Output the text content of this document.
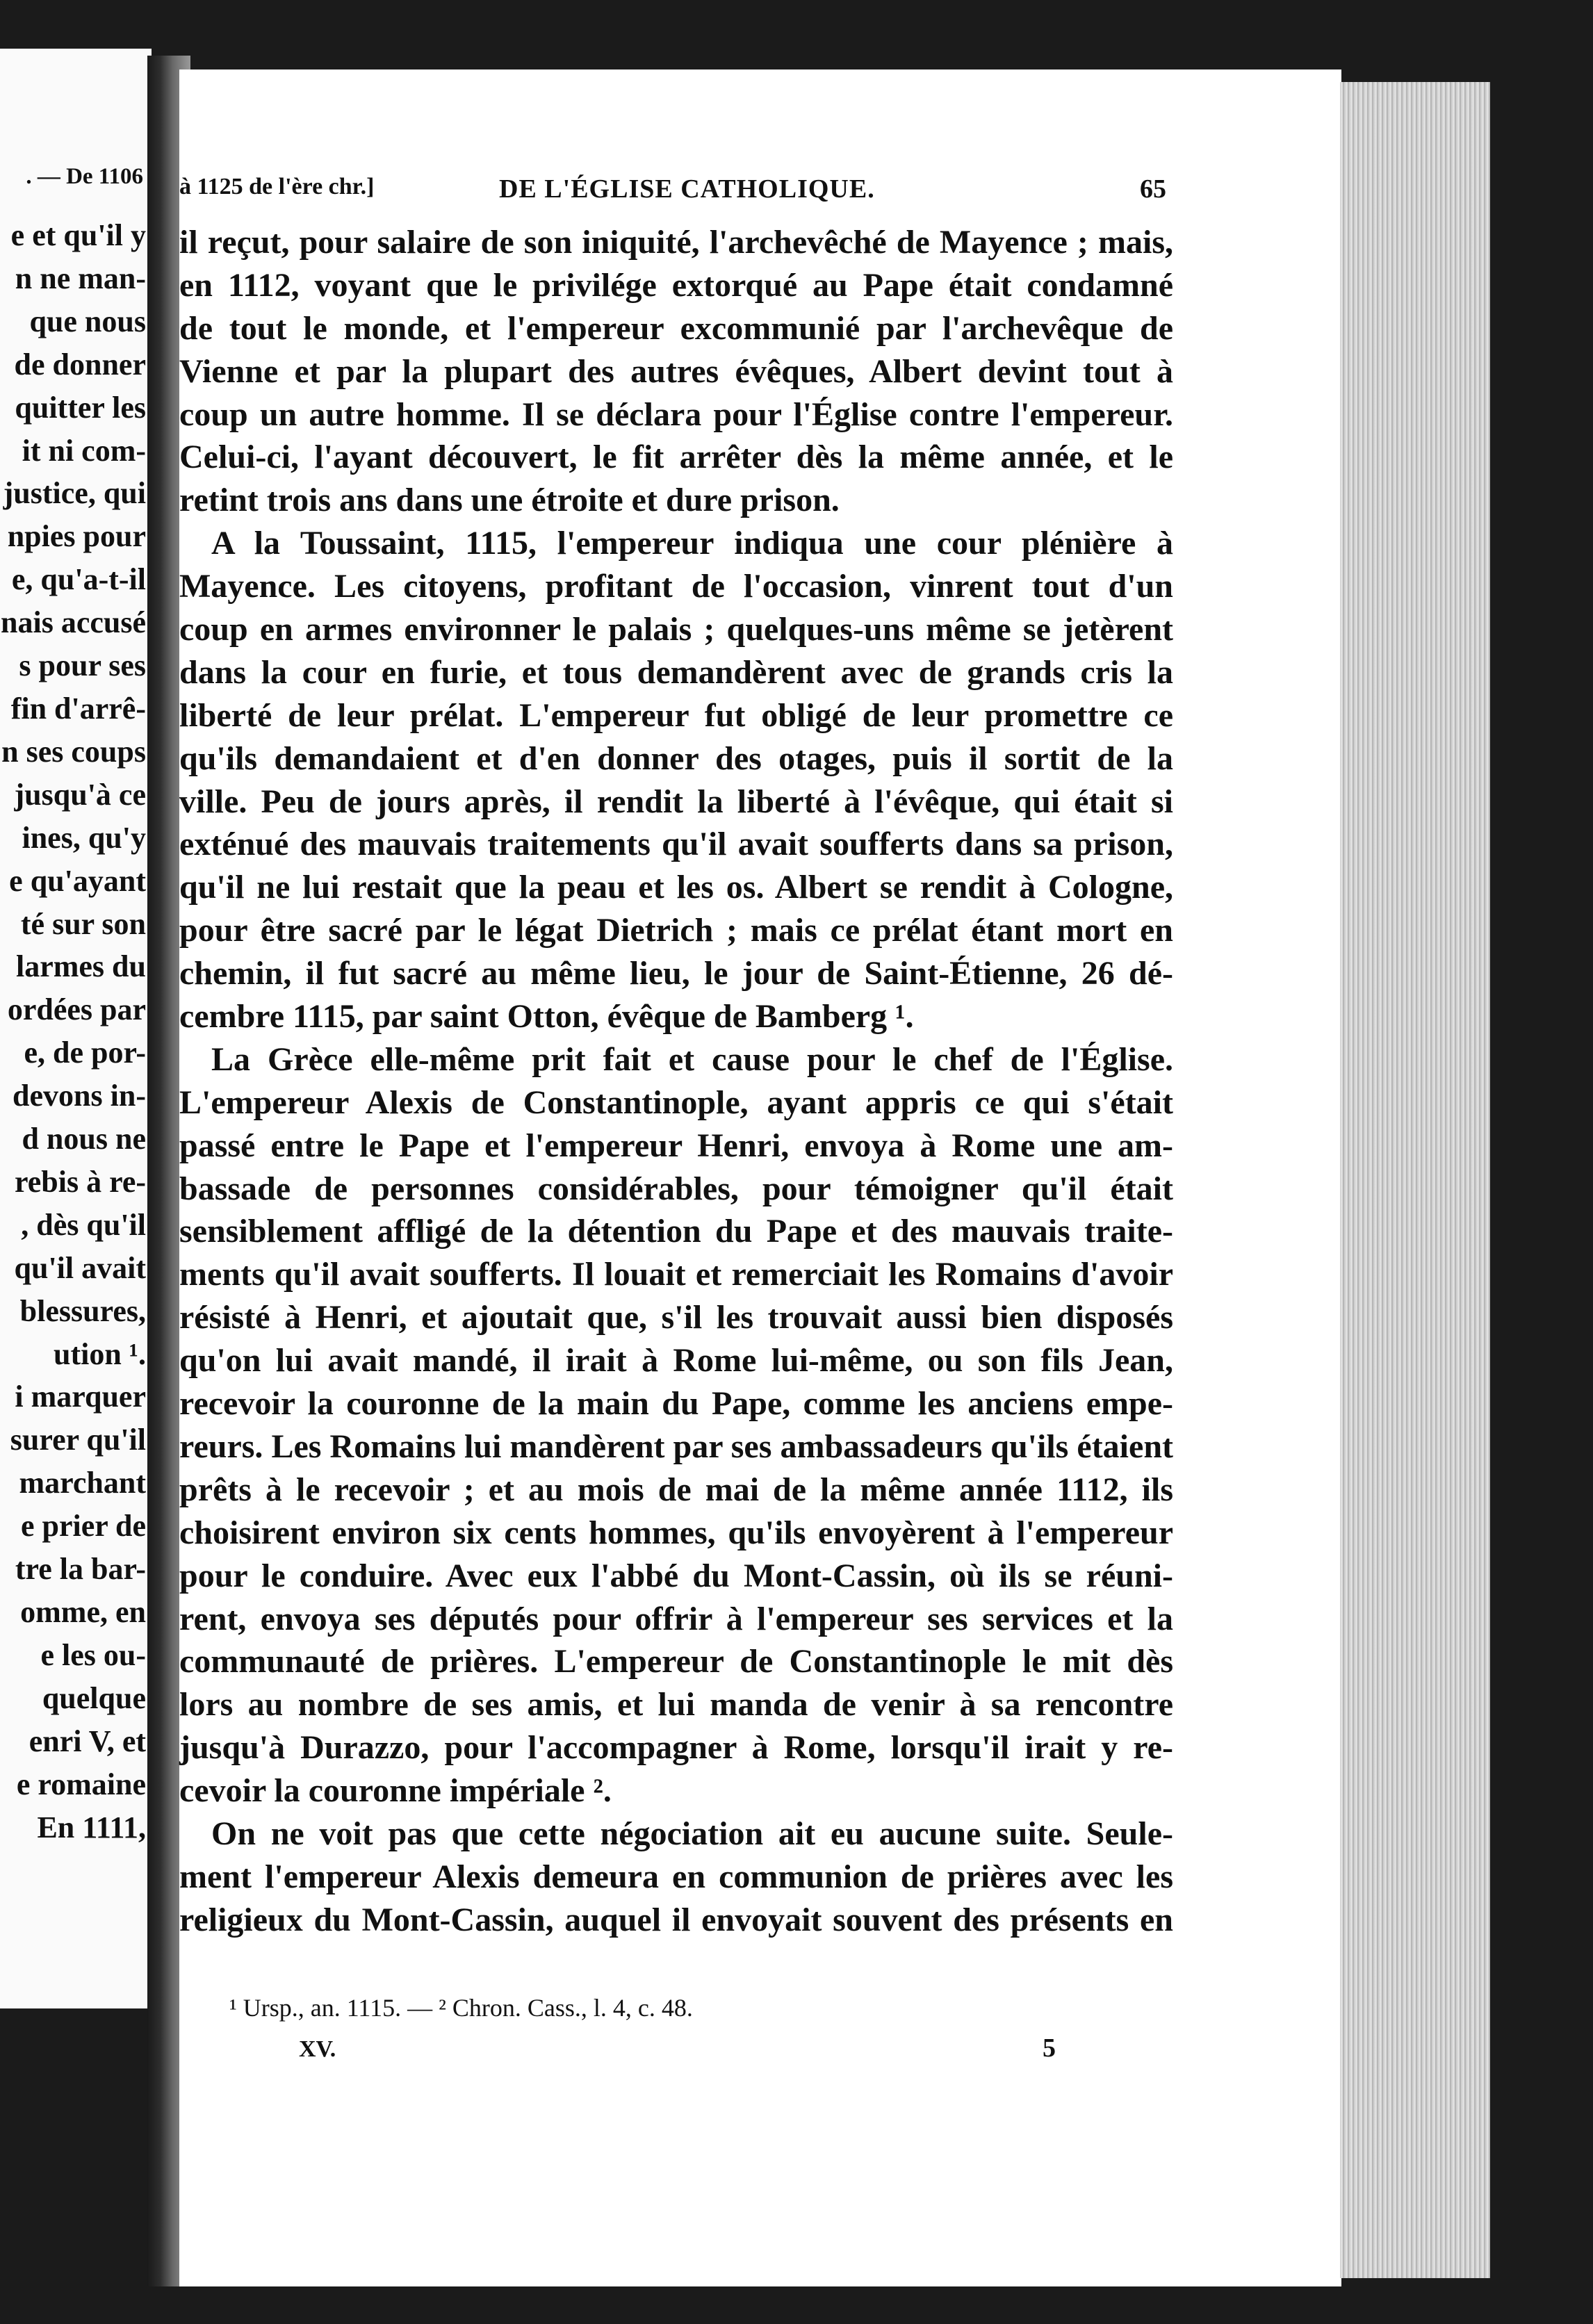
. — De 1106
e et qu'il y
n ne man-
que nous
de donner
quitter les
it ni com-
justice, qui
npies pour
e, qu'a-t-il
nais accusé
s pour ses
fin d'arrê-
n ses coups
jusqu'à ce
ines, qu'y
e qu'ayant
té sur son
larmes du
ordées par
e, de por-
devons in-
d nous ne
rebis à re-
, dès qu'il
qu'il avait
blessures,
ution ¹.
i marquer
surer qu'il
marchant
e prier de
tre la bar-
omme, en
e les ou-
quelque
enri V, et
e romaine
En 1111,
à 1125 de l'ère chr.]	DE L'ÉGLISE CATHOLIQUE.	65
il reçut, pour salaire de son iniquité, l'archevêché de Mayence ; mais,
en 1112, voyant que le privilége extorqué au Pape était condamné
de tout le monde, et l'empereur excommunié par l'archevêque de
Vienne et par la plupart des autres évêques, Albert devint tout à
coup un autre homme. Il se déclara pour l'Église contre l'empereur.
Celui-ci, l'ayant découvert, le fit arrêter dès la même année, et le
retint trois ans dans une étroite et dure prison.
A la Toussaint, 1115, l'empereur indiqua une cour plénière à
Mayence. Les citoyens, profitant de l'occasion, vinrent tout d'un
coup en armes environner le palais ; quelques-uns même se jetèrent
dans la cour en furie, et tous demandèrent avec de grands cris la
liberté de leur prélat. L'empereur fut obligé de leur promettre ce
qu'ils demandaient et d'en donner des otages, puis il sortit de la
ville. Peu de jours après, il rendit la liberté à l'évêque, qui était si
exténué des mauvais traitements qu'il avait soufferts dans sa prison,
qu'il ne lui restait que la peau et les os. Albert se rendit à Cologne,
pour être sacré par le légat Dietrich ; mais ce prélat étant mort en
chemin, il fut sacré au même lieu, le jour de Saint-Étienne, 26 dé-
cembre 1115, par saint Otton, évêque de Bamberg ¹.
La Grèce elle-même prit fait et cause pour le chef de l'Église.
L'empereur Alexis de Constantinople, ayant appris ce qui s'était
passé entre le Pape et l'empereur Henri, envoya à Rome une am-
bassade de personnes considérables, pour témoigner qu'il était
sensiblement affligé de la détention du Pape et des mauvais traite-
ments qu'il avait soufferts. Il louait et remerciait les Romains d'avoir
résisté à Henri, et ajoutait que, s'il les trouvait aussi bien disposés
qu'on lui avait mandé, il irait à Rome lui-même, ou son fils Jean,
recevoir la couronne de la main du Pape, comme les anciens empe-
reurs. Les Romains lui mandèrent par ses ambassadeurs qu'ils étaient
prêts à le recevoir ; et au mois de mai de la même année 1112, ils
choisirent environ six cents hommes, qu'ils envoyèrent à l'empereur
pour le conduire. Avec eux l'abbé du Mont-Cassin, où ils se réuni-
rent, envoya ses députés pour offrir à l'empereur ses services et la
communauté de prières. L'empereur de Constantinople le mit dès
lors au nombre de ses amis, et lui manda de venir à sa rencontre
jusqu'à Durazzo, pour l'accompagner à Rome, lorsqu'il irait y re-
cevoir la couronne impériale ².
On ne voit pas que cette négociation ait eu aucune suite. Seule-
ment l'empereur Alexis demeura en communion de prières avec les
religieux du Mont-Cassin, auquel il envoyait souvent des présents en
¹ Ursp., an. 1115. — ² Chron. Cass., l. 4, c. 48.
XV.	5
